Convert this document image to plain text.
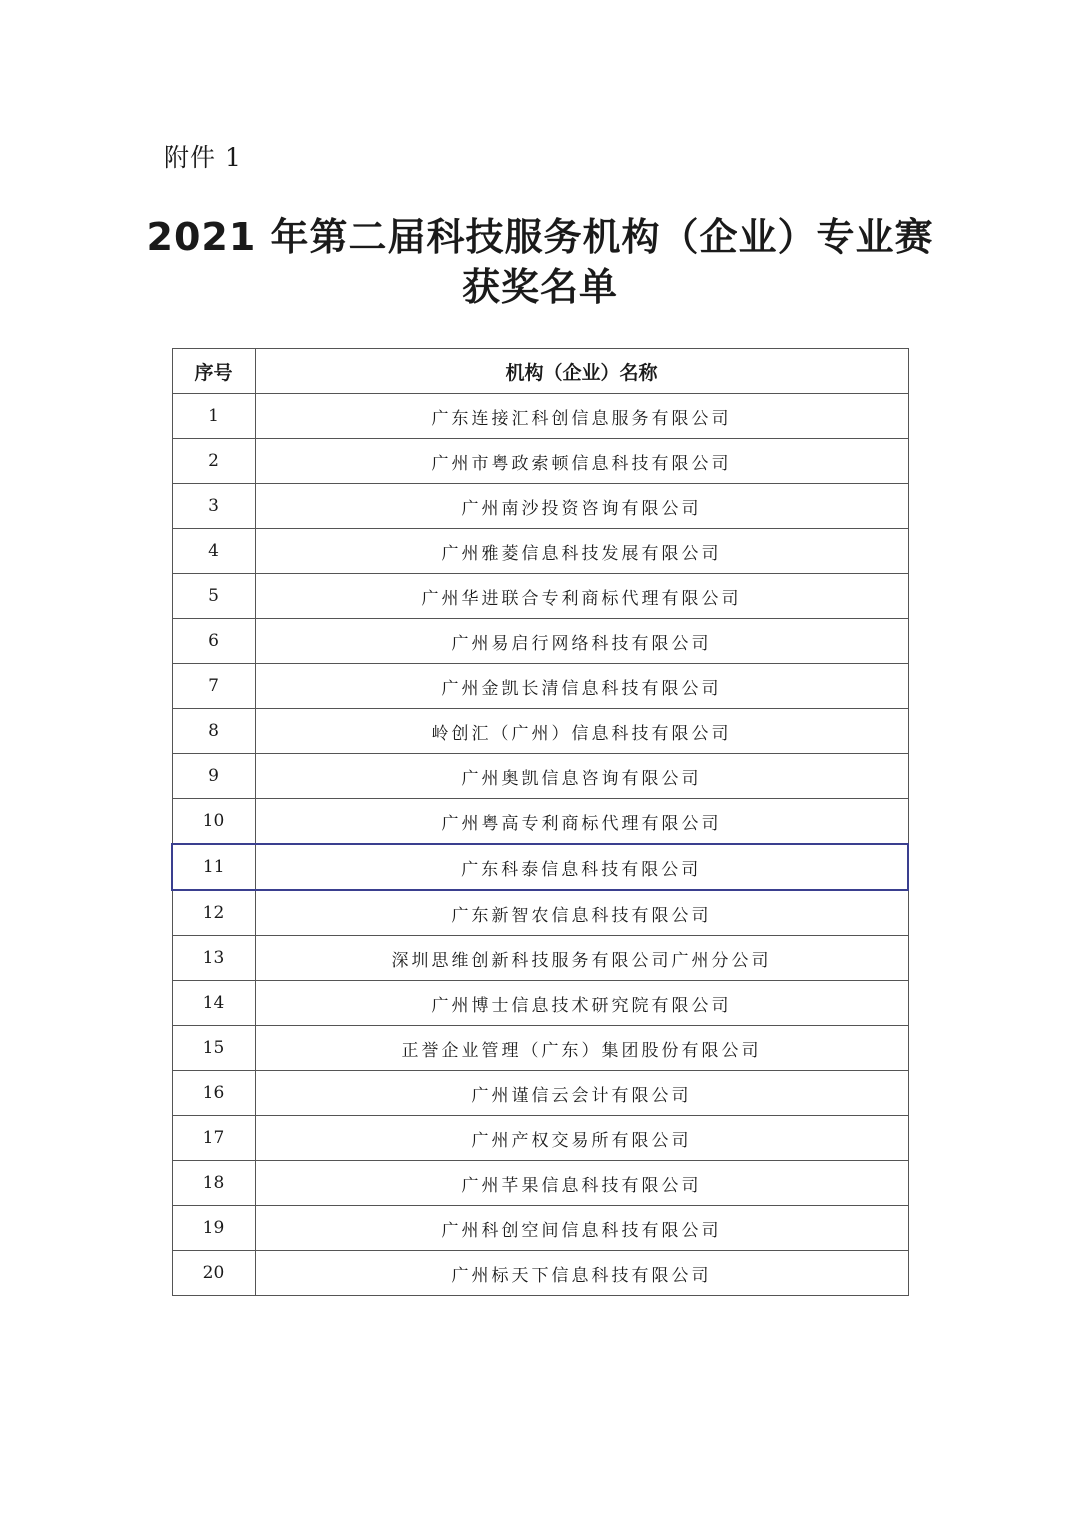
附件 1
2021 年第二届科技服务机构（企业）专业赛
获奖名单
序号	机构（企业）名称
1	广东连接汇科创信息服务有限公司
2	广州市粤政索顿信息科技有限公司
3	广州南沙投资咨询有限公司
4	广州雅菱信息科技发展有限公司
5	广州华进联合专利商标代理有限公司
6	广州易启行网络科技有限公司
7	广州金凯长清信息科技有限公司
8	岭创汇（广州）信息科技有限公司
9	广州奥凯信息咨询有限公司
10	广州粤高专利商标代理有限公司
11	广东科泰信息科技有限公司
12	广东新智农信息科技有限公司
13	深圳思维创新科技服务有限公司广州分公司
14	广州博士信息技术研究院有限公司
15	正誉企业管理（广东）集团股份有限公司
16	广州谨信云会计有限公司
17	广州产权交易所有限公司
18	广州芊果信息科技有限公司
19	广州科创空间信息科技有限公司
20	广州标天下信息科技有限公司
